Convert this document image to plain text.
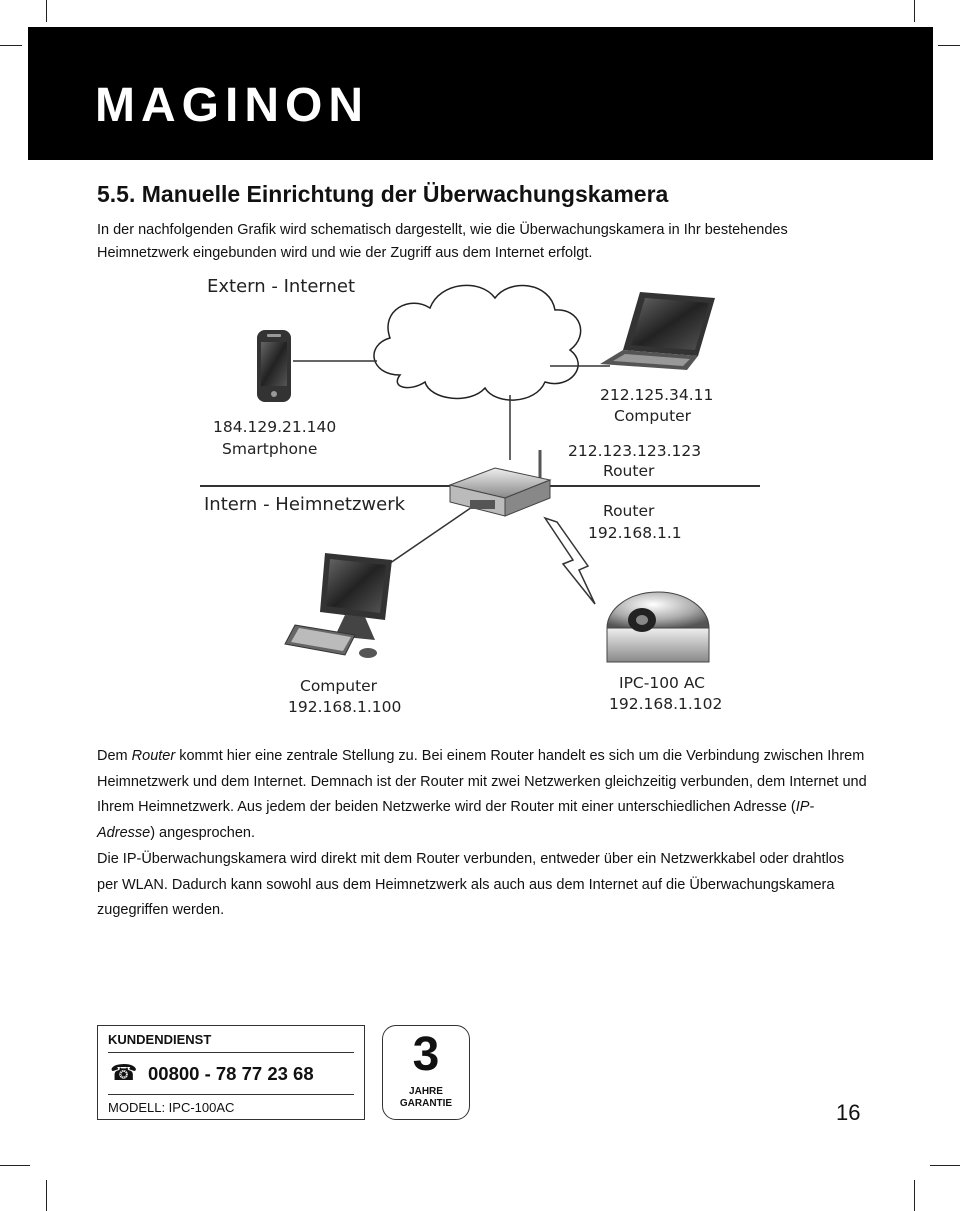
MAGINON
5.5. Manuelle Einrichtung der Überwachungskamera

In der nachfolgenden Grafik wird schematisch dargestellt, wie die Überwachungskamera in Ihr bestehendes Heimnetzwerk eingebunden wird und wie der Zugriff aus dem Internet erfolgt.

Extern - Internet
Intern - Heimnetzwerk
184.129.21.140
Smartphone
212.125.34.11
Computer
212.123.123.123
Router
Router
192.168.1.1
Computer
192.168.1.100
IPC-100 AC
192.168.1.102

Dem Router kommt hier eine zentrale Stellung zu. Bei einem Router handelt es sich um die Verbindung zwischen Ihrem Heimnetzwerk und dem Internet. Demnach ist der Router mit zwei Netzwerken gleichzeitig verbunden, dem Internet und Ihrem Heimnetzwerk. Aus jedem der beiden Netzwerke wird der Router mit einer unterschiedlichen Adresse (IP-Adresse) angesprochen.

Die IP-Überwachungskamera wird direkt mit dem Router verbunden, entweder über ein Netzwerkkabel oder drahtlos per WLAN. Dadurch kann sowohl aus dem Heimnetzwerk als auch aus dem Internet auf die Überwachungskamera zugegriffen werden.

KUNDENDIENST
☎ 00800 - 78 77 23 68
MODELL: IPC-100AC
3
JAHRE
GARANTIE	16
